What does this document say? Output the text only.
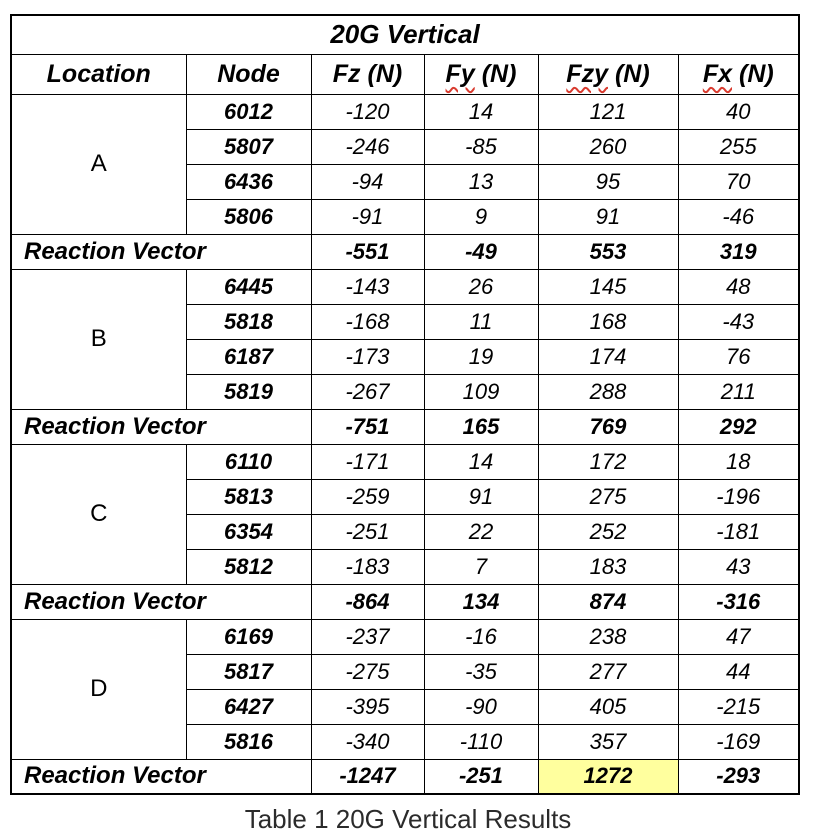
20G Vertical					
Location	Node	Fz (N)	Fy (N)	Fzy (N)	Fx (N)
A	6012	-120	14	121	40
	5807	-246	-85	260	255
	6436	-94	13	95	70
	5806	-91	9	91	-46
Reaction Vector		-551	-49	553	319
B	6445	-143	26	145	48
	5818	-168	11	168	-43
	6187	-173	19	174	76
	5819	-267	109	288	211
Reaction Vector		-751	165	769	292
C	6110	-171	14	172	18
	5813	-259	91	275	-196
	6354	-251	22	252	-181
	5812	-183	7	183	43
Reaction Vector		-864	134	874	-316
D	6169	-237	-16	238	47
	5817	-275	-35	277	44
	6427	-395	-90	405	-215
	5816	-340	-110	357	-169
Reaction Vector		-1247	-251	1272	-293
Table 1 20G Vertical Results
